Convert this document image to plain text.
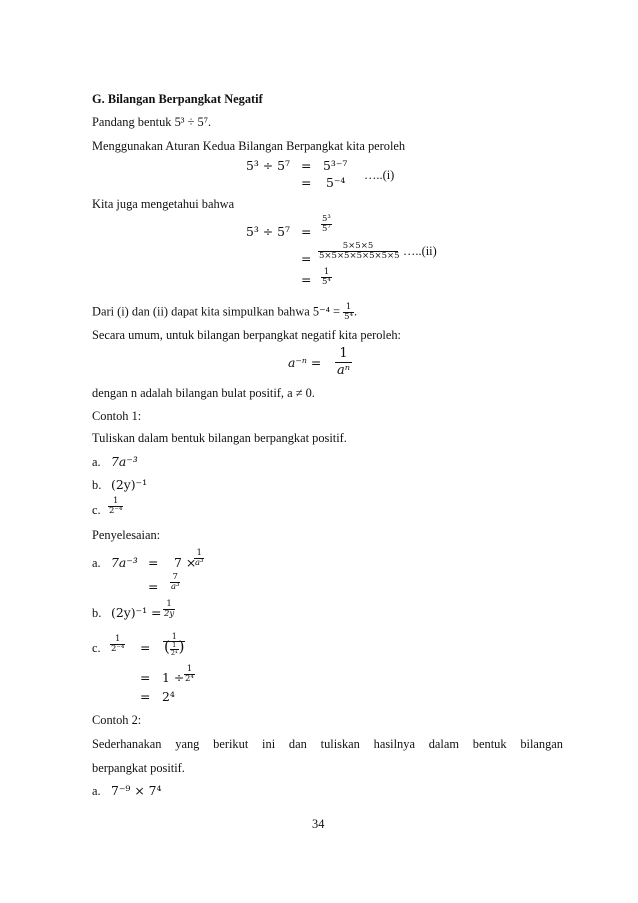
G. Bilangan Berpangkat Negatif
Pandang bentuk 5³ ÷ 5⁷.
Menggunakan Aturan Kedua Bilangan Berpangkat kita peroleh
5³ ÷ 5⁷ = 5³⁻⁷
= 5⁻⁴ …..(i)
Kita juga mengetahui bahwa
$5^3 \div 5^7 = \frac{\text{5³}}{\text{5⁷}}$
= $\frac{5\times 5\times 5}{5\times 5\times 5\times 5\times 5\times 5\times 5}$ …..(ii)
= $\frac{1}{\text{5⁴}}$
Dari (i) dan (ii) dapat kita simpulkan bahwa $5^{-4} = \frac{1}{\text{5⁴}}$ .
Secara umum, untuk bilangan berpangkat negatif kita peroleh:
$a^{-n} = \frac{1}{\text{aⁿ}}$
dengan n adalah bilangan bulat positif, a ≠ 0.
Contoh 1:
Tuliskan dalam bentuk bilangan berpangkat positif.
a. 7a⁻³
b. (2y)⁻¹
c. $\frac{1}{\text{2⁻⁴}}$
Penyelesaian:
a. 7a⁻³ = 7 ×
$\frac{1}{\text{a³}}$
= $\frac{7}{\text{a³}}$
b. $(2y)^{-1} = \frac{1}{2y}$
c. $\frac{1}{\text{2⁻⁴}} = \frac{1}{( \frac{1}{\text{2⁴}} )}$
= $1 \div \frac{1}{\text{2⁴}}$
= 2⁴
Contoh 2:
Sederhanakan yang berikut ini dan tuliskan hasilnya dalam bentuk bilangan
berpangkat positif.
a. 7⁻⁹ × 7⁴
34
